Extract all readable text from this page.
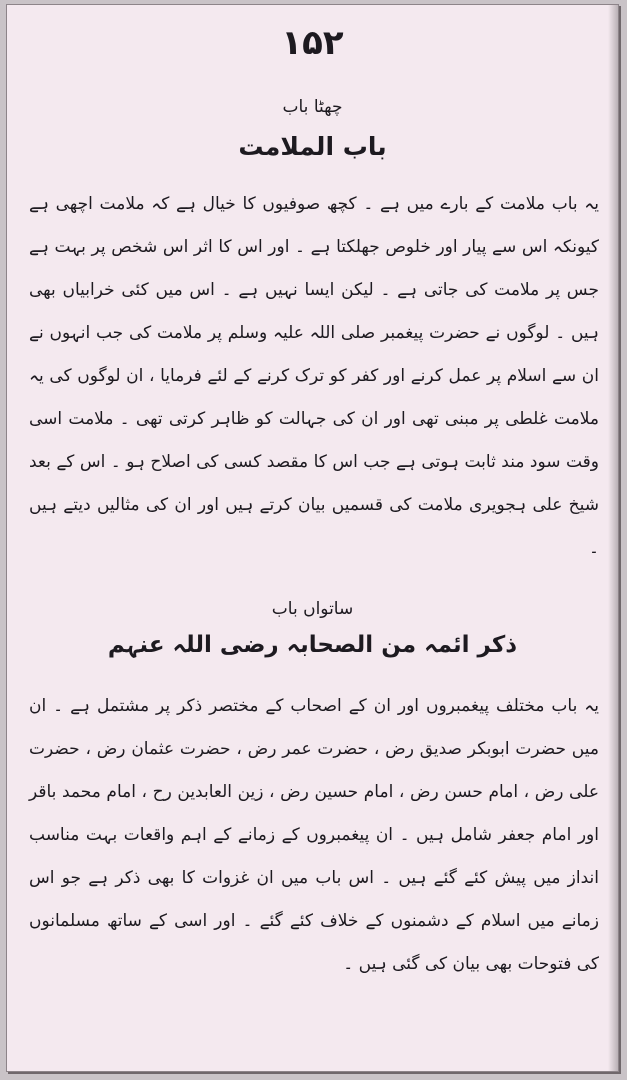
۱۵۲
چھٹا باب
باب الملامت
یہ باب ملامت کے بارے میں ہے ۔ کچھ صوفیوں کا خیال ہے کہ ملامت اچھی ہے کیونکہ اس سے پیار اور خلوص جھلکتا ہے ۔ اور اس کا اثر اس شخص پر بہت ہے جس پر ملامت کی جاتی ہے ۔ لیکن ایسا نہیں ہے ۔ اس میں کئی خرابیاں بھی ہیں ۔ لوگوں نے حضرت پیغمبر صلی اللہ علیہ وسلم پر ملامت کی جب انہوں نے ان سے اسلام پر عمل کرنے اور کفر کو ترک کرنے کے لئے فرمایا ، ان لوگوں کی یہ ملامت غلطی پر مبنی تھی اور ان کی جہالت کو ظاہر کرتی تھی ۔ ملامت اسی وقت سود مند ثابت ہوتی ہے جب اس کا مقصد کسی کی اصلاح ہو ۔ اس کے بعد شیخ علی ہجویری ملامت کی قسمیں بیان کرتے ہیں اور ان کی مثالیں دیتے ہیں ۔
ساتواں باب
ذکر ائمہ من الصحابہ رضی اللہ عنہم
یہ باب مختلف پیغمبروں اور ان کے اصحاب کے مختصر ذکر پر مشتمل ہے ۔ ان میں حضرت ابوبکر صدیق رض ، حضرت عمر رض ، حضرت عثمان رض ، حضرت علی رض ، امام حسن رض ، امام حسین رض ، زین العابدین رح ، امام محمد باقر اور امام جعفر شامل ہیں ۔ ان پیغمبروں کے زمانے کے اہم واقعات بہت مناسب انداز میں پیش کئے گئے ہیں ۔ اس باب میں ان غزوات کا بھی ذکر ہے جو اس زمانے میں اسلام کے دشمنوں کے خلاف کئے گئے ۔ اور اسی کے ساتھ مسلمانوں کی فتوحات بھی بیان کی گئی ہیں ۔
